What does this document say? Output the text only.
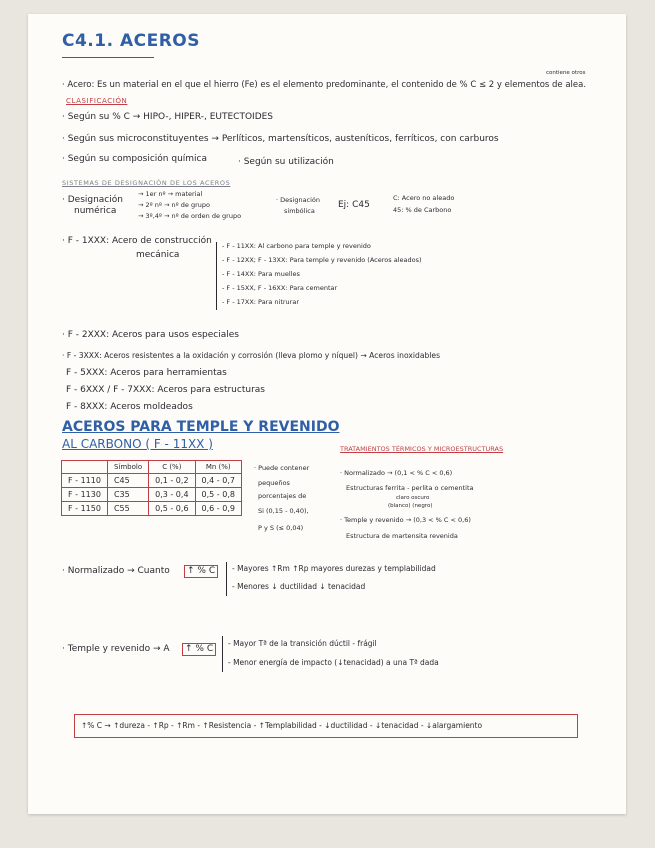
C4.1. ACEROS
· Acero: Es un material en el que el hierro (Fe) es el elemento predominante, el contenido de % C ≤ 2 y elementos de alea.
contiene otros
CLASIFICACIÓN
· Según su % C → HIPO-, HIPER-, EUTECTOIDES
· Según sus microconstituyentes → Perlíticos, martensíticos, austeníticos, ferríticos, con carburos
· Según su composición química	· Según su utilización
SISTEMAS DE DESIGNACIÓN DE LOS ACEROS
· Designación
numérica
→ 1er nº → material
→ 2º nº → nº de grupo
→ 3º,4º → nº de orden de grupo
· Designación
simbólica
Ej: C45
C: Acero no aleado
45: % de Carbono
· F - 1XXX: Acero de construcción
mecánica
- F - 11XX: Al carbono para temple y revenido
- F - 12XX; F - 13XX: Para temple y revenido (Aceros aleados)
- F - 14XX: Para muelles
- F - 15XX, F - 16XX: Para cementar
- F - 17XX: Para nitrurar
· F - 2XXX: Aceros para usos especiales
· F - 3XXX: Aceros resistentes a la oxidación y corrosión (lleva plomo y níquel) → Aceros inoxidables
F - 5XXX: Aceros para herramientas
F - 6XXX / F - 7XXX: Aceros para estructuras
F - 8XXX: Aceros moldeados
ACEROS PARA TEMPLE Y REVENIDO
AL CARBONO ( F - 11XX )
	Símbolo	C (%)	Mn (%)
F - 1110	C45	0,1 - 0,2	0,4 - 0,7
F - 1130	C35	0,3 - 0,4	0,5 - 0,8
F - 1150	C55	0,5 - 0,6	0,6 - 0,9
· Puede contener
pequeños
porcentajes de
Si (0,15 - 0,40),
P y S (≤ 0,04)
TRATAMIENTOS TÉRMICOS Y MICROESTRUCTURAS
· Normalizado → (0,1 < % C < 0,6)
Estructuras ferrita - perlita o cementita
claro oscuro
(blanco) (negro)
· Temple y revenido → (0,3 < % C < 0,6)
Estructura de martensita revenida
· Normalizado → Cuanto	↑ % C	- Mayores ↑Rm ↑Rp mayores durezas y templabilidad
- Menores ↓ ductilidad ↓ tenacidad
· Temple y revenido → A	↑ % C
- Mayor Tª de la transición dúctil - frágil
- Menor energía de impacto (↓tenacidad) a una Tª dada
↑% C → ↑dureza - ↑Rp - ↑Rm - ↑Resistencia - ↑Templabilidad - ↓ductilidad - ↓tenacidad - ↓alargamiento
